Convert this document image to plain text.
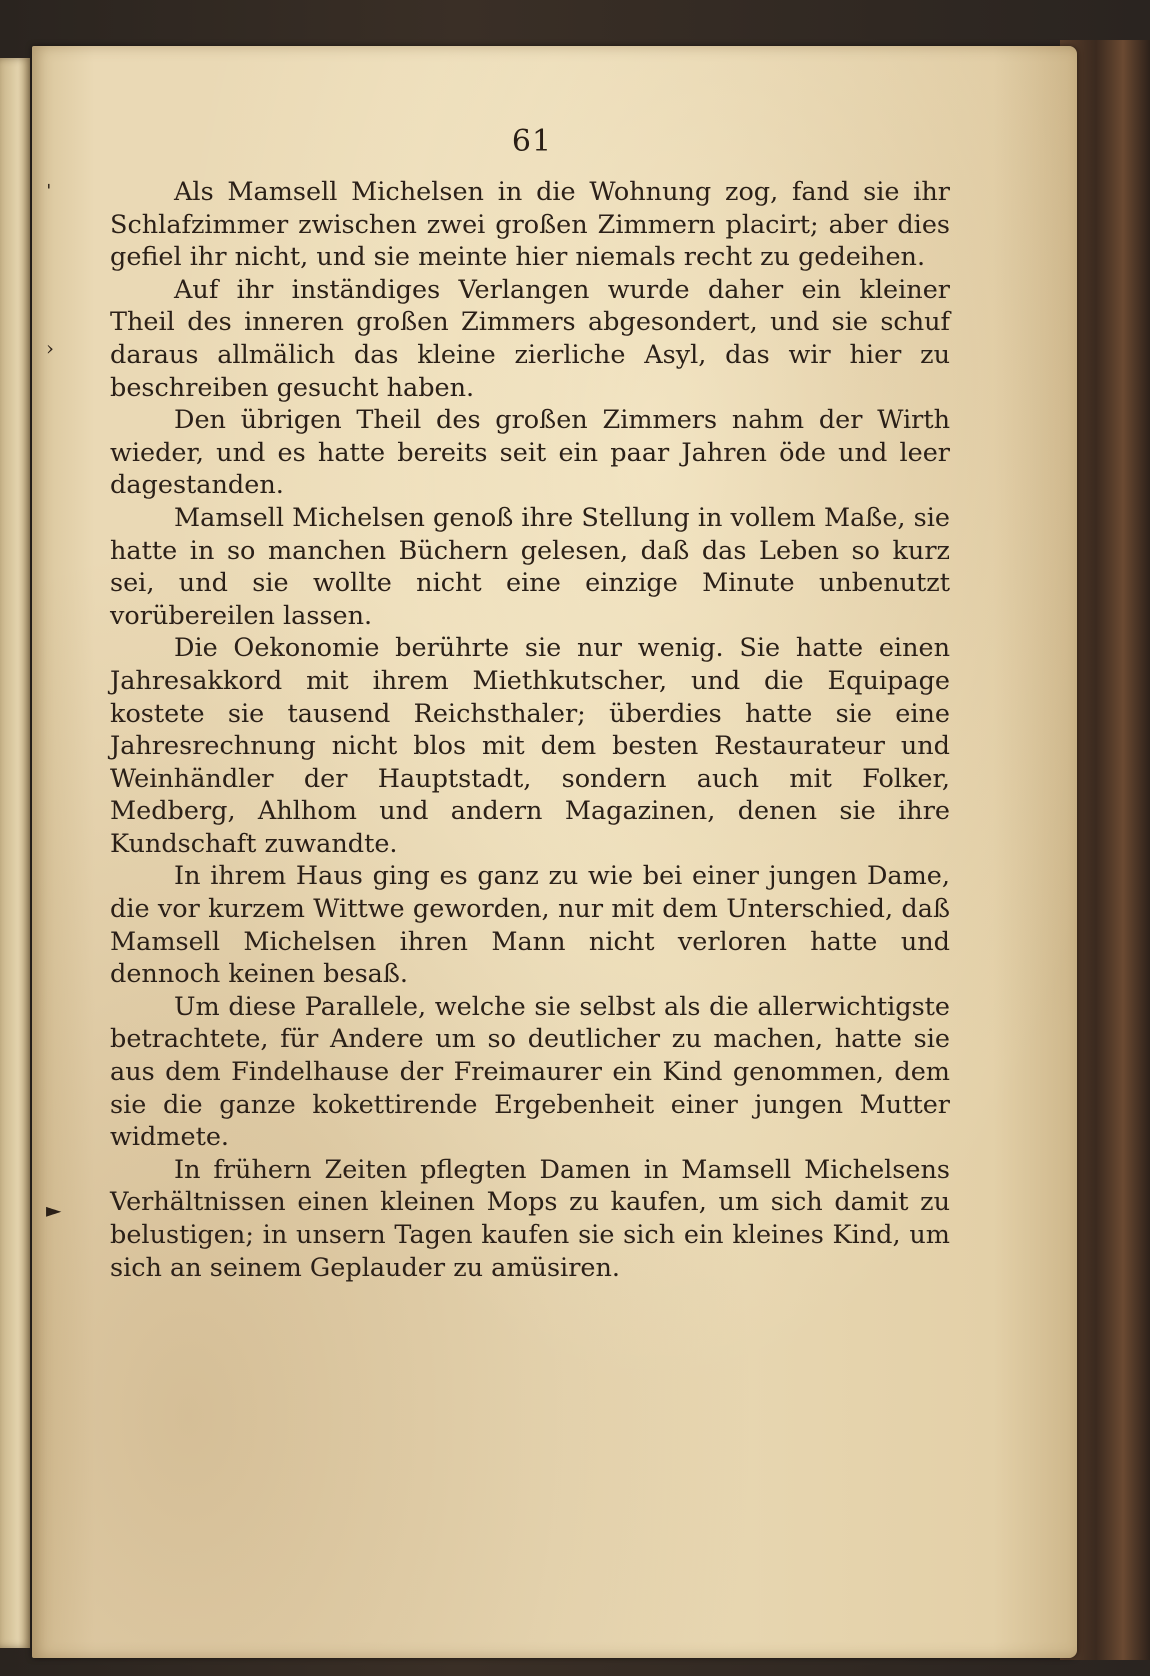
ˈ
›
►
61

Als Mamsell Michelsen in die Wohnung zog, fand sie ihr Schlafzimmer zwischen zwei großen Zimmern placirt; aber dies gefiel ihr nicht, und sie meinte hier niemals recht zu gedeihen.

Auf ihr inständiges Verlangen wurde daher ein kleiner Theil des inneren großen Zimmers abgesondert, und sie schuf daraus allmälich das kleine zierliche Asyl, das wir hier zu beschreiben gesucht haben.

Den übrigen Theil des großen Zimmers nahm der Wirth wieder, und es hatte bereits seit ein paar Jahren öde und leer dagestanden.

Mamsell Michelsen genoß ihre Stellung in vollem Maße, sie hatte in so manchen Büchern gelesen, daß das Leben so kurz sei, und sie wollte nicht eine einzige Minute unbenutzt vorübereilen lassen.

Die Oekonomie berührte sie nur wenig. Sie hatte einen Jahresakkord mit ihrem Miethkutscher, und die Equipage kostete sie tausend Reichsthaler; überdies hatte sie eine Jahresrechnung nicht blos mit dem besten Restaurateur und Weinhändler der Hauptstadt, sondern auch mit Folker, Medberg, Ahlhom und andern Magazinen, denen sie ihre Kundschaft zuwandte.

In ihrem Haus ging es ganz zu wie bei einer jungen Dame, die vor kurzem Wittwe geworden, nur mit dem Unterschied, daß Mamsell Michelsen ihren Mann nicht verloren hatte und dennoch keinen besaß.

Um diese Parallele, welche sie selbst als die allerwichtigste betrachtete, für Andere um so deutlicher zu machen, hatte sie aus dem Findelhause der Freimaurer ein Kind genommen, dem sie die ganze kokettirende Ergebenheit einer jungen Mutter widmete.

In frühern Zeiten pflegten Damen in Mamsell Michelsens Verhältnissen einen kleinen Mops zu kaufen, um sich damit zu belustigen; in unsern Tagen kaufen sie sich ein kleines Kind, um sich an seinem Geplauder zu amüsiren.
